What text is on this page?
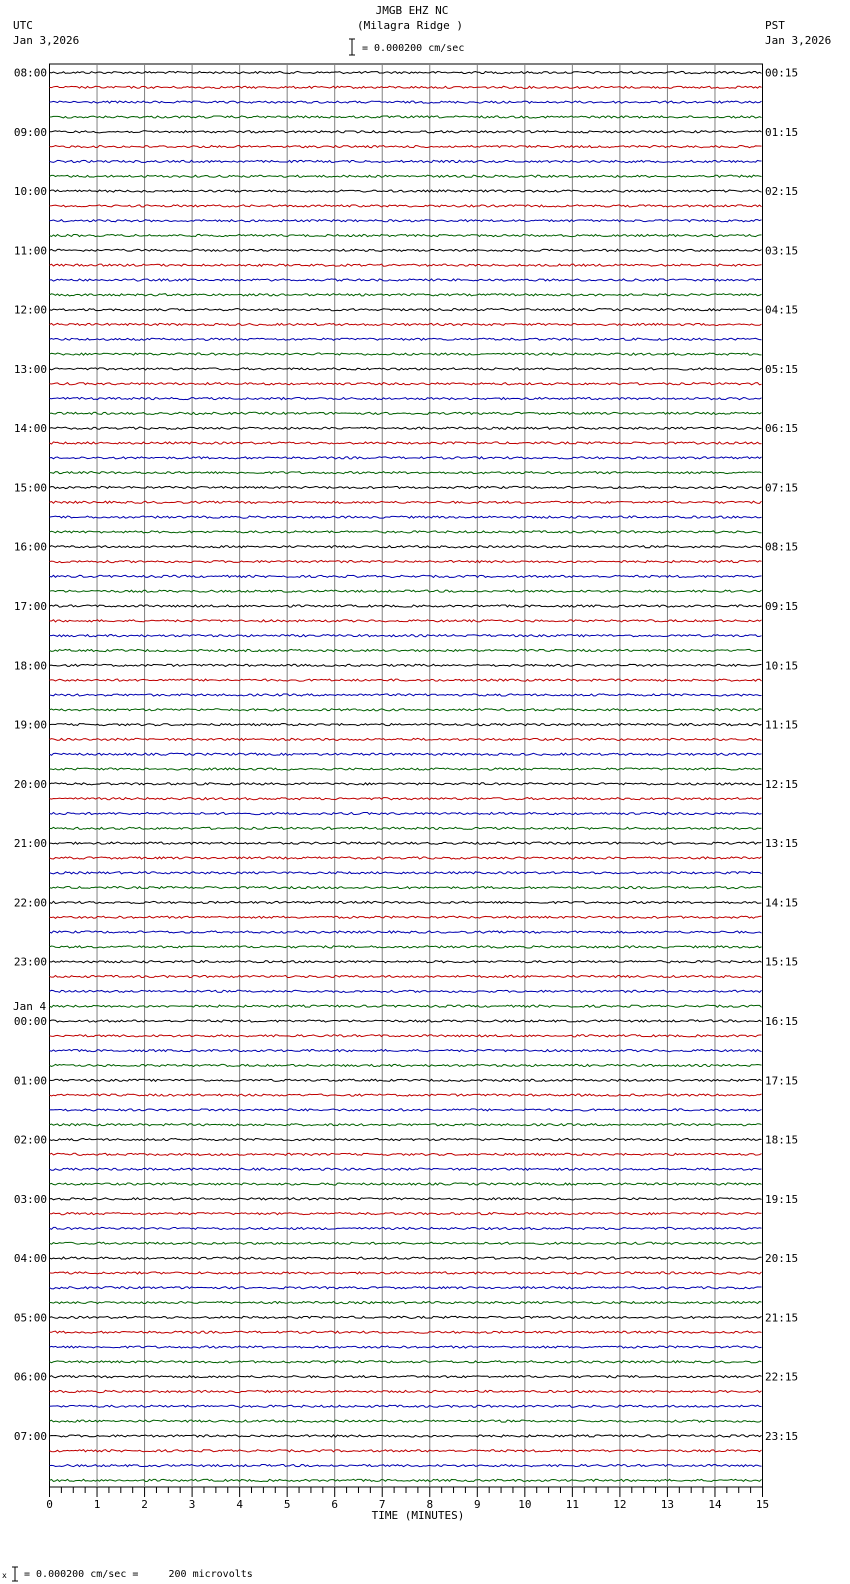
JMGB EHZ NC
(Milagra Ridge )
= 0.000200 cm/sec
UTC
Jan 3,2026
PST
Jan 3,2026
08:00
09:00
10:00
11:00
12:00
13:00
14:00
15:00
16:00
17:00
18:00
19:00
20:00
21:00
22:00
23:00
00:00
01:00
02:00
03:00
04:00
05:00
06:00
07:00
Jan 4
00:15
01:15
02:15
03:15
04:15
05:15
06:15
07:15
08:15
09:15
10:15
11:15
12:15
13:15
14:15
15:15
16:15
17:15
18:15
19:15
20:15
21:15
22:15
23:15
0	1	2	3	4	5	6	7	8	9	10	11	12	13	14	15
TIME (MINUTES)
x = 0.000200 cm/sec =     200 microvolts
